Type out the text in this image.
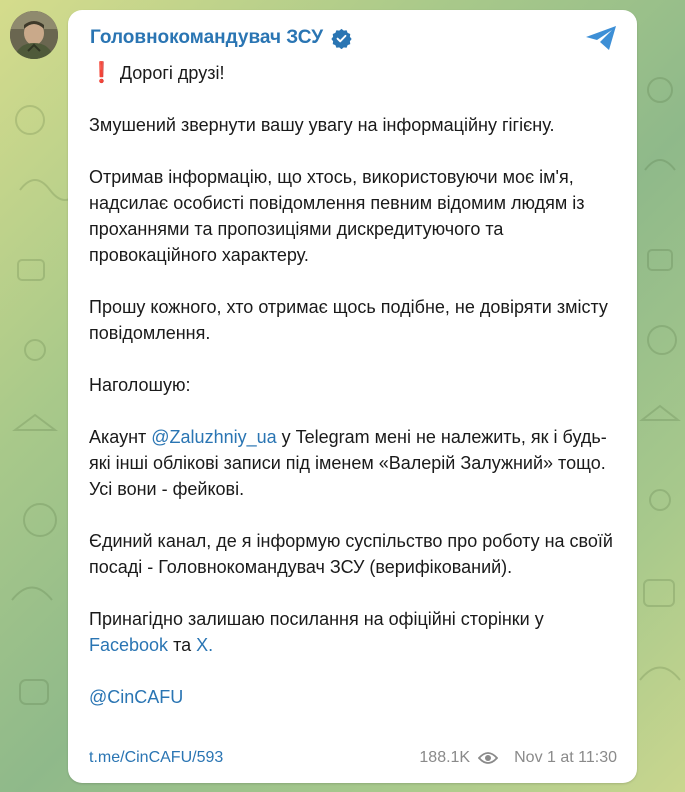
Головнокомандувач ЗСУ

❗ Дорогі друзі!

Змушений звернути вашу увагу на інформаційну гігієну.

Отримав інформацію, що хтось, використовуючи моє ім'я, надсилає особисті повідомлення певним відомим людям із проханнями та пропозиціями дискредитуючого та провокаційного характеру.

Прошу кожного, хто отримає щось подібне, не довіряти змісту повідомлення.

Наголошую:

Акаунт @Zaluzhniy_ua у Telegram мені не належить, як і будь-які інші облікові записи під іменем «Валерій Залужний» тощо. Усі вони - фейкові.

Єдиний канал, де я інформую суспільство про роботу на своїй посаді - Головнокомандувач ЗСУ (верифікований).

Принагідно залишаю посилання на офіційні сторінки у Facebook та X.

@CinCAFU

t.me/CinCAFU/593	188.1K	Nov 1 at 11:30
